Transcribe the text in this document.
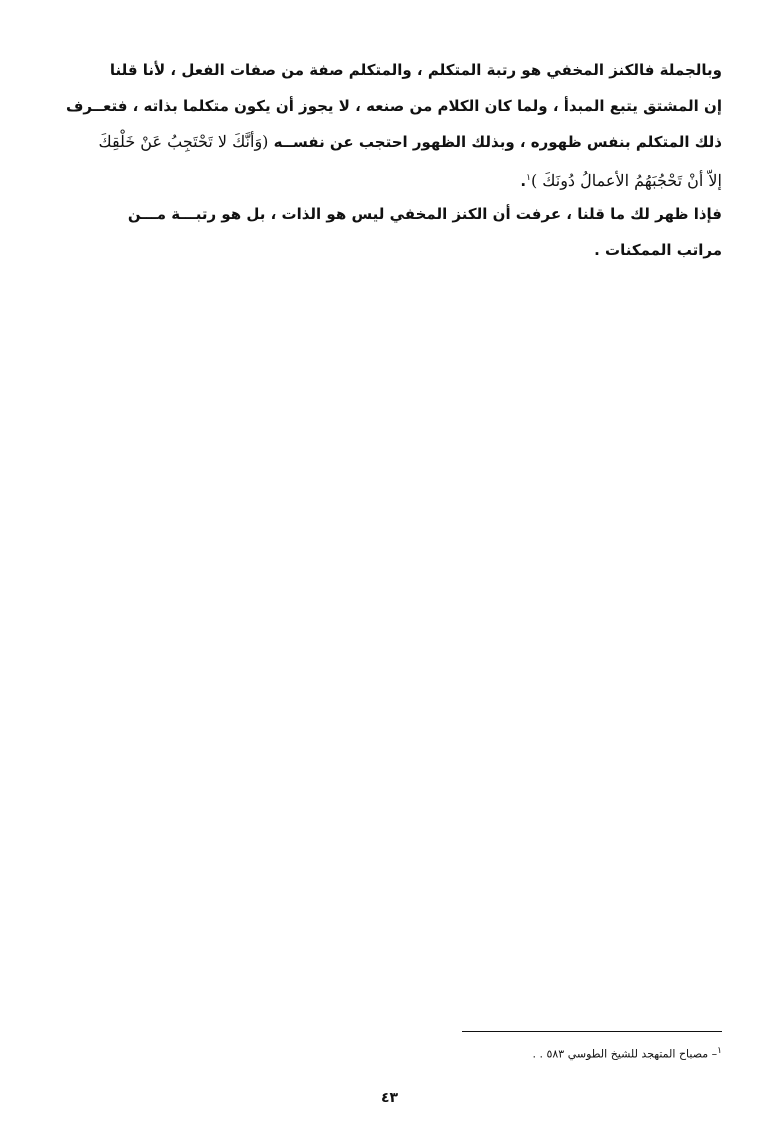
وبالجملة فالكنز المخفي هو رتبة المتكلم ، والمتكلم صفة من صفات الفعل ، لأنا قلنا
إن المشتق يتبع المبدأ ، ولما كان الكلام من صنعه ، لا يجوز أن يكون متكلما بذاته ، فتعــرف
ذلك المتكلم بنفس ظهوره ، وبذلك الظهور احتجب عن نفســه (وَأنَّكَ لا تَحْتَجِبُ عَنْ خَلْقِكَ
إلاّ أنْ تَحْجُبَهُمُ الأعمالُ دُونَكَ )$^١$.
فإذا ظهر لك ما قلنا ، عرفت أن الكنز المخفي ليس هو الذات ، بل هو رتبـــة مـــن
مراتب الممكنات .
$^١$– مصباح المتهجد للشيخ الطوسي ٥٨٣ . .
٤٣
